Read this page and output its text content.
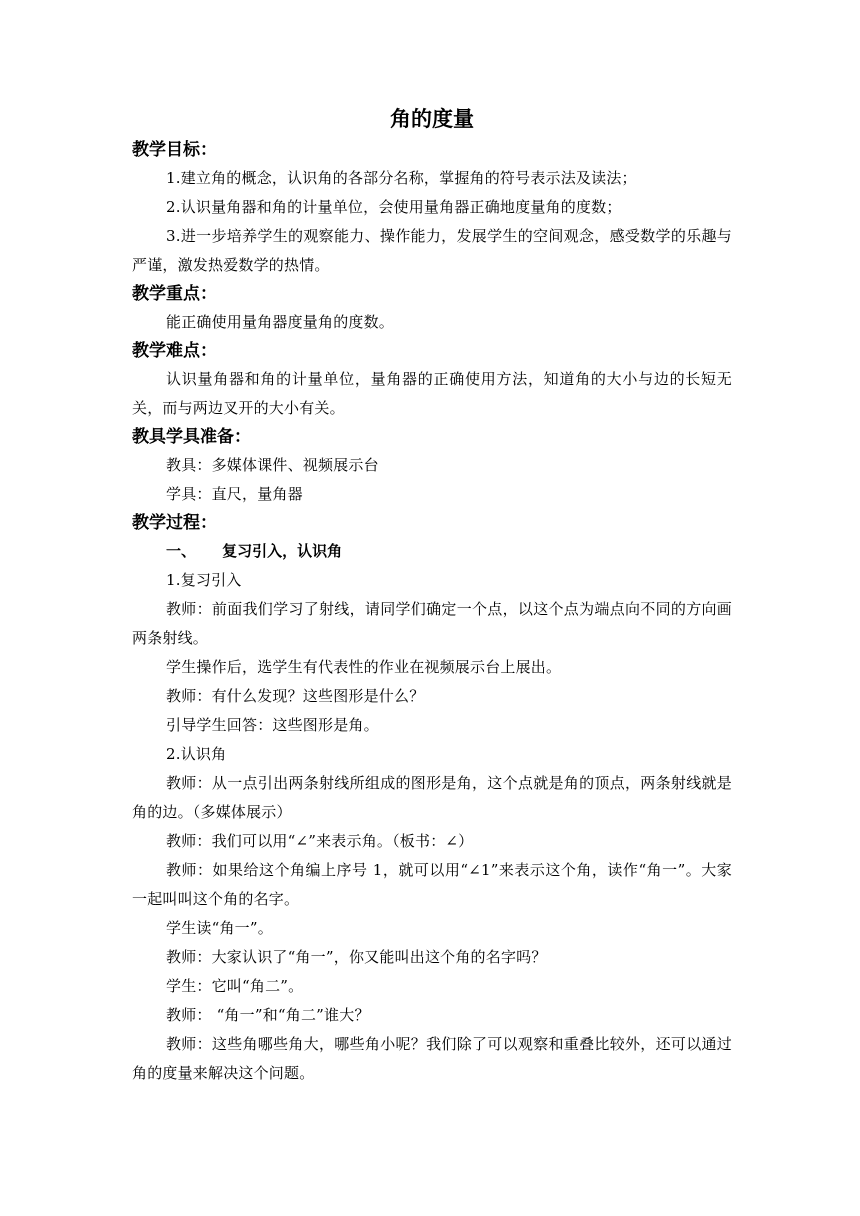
角的度量
教学目标：
1.建立角的概念，认识角的各部分名称，掌握角的符号表示法及读法；
2.认识量角器和角的计量单位，会使用量角器正确地度量角的度数；
3.进一步培养学生的观察能力、操作能力，发展学生的空间观念，感受数学的乐趣与严谨，激发热爱数学的热情。
教学重点：
能正确使用量角器度量角的度数。
教学难点：
认识量角器和角的计量单位，量角器的正确使用方法，知道角的大小与边的长短无关，而与两边叉开的大小有关。
教具学具准备：
教具：多媒体课件、视频展示台
学具：直尺，量角器
教学过程：
一、 复习引入，认识角
1.复习引入
教师：前面我们学习了射线，请同学们确定一个点，以这个点为端点向不同的方向画两条射线。
学生操作后，选学生有代表性的作业在视频展示台上展出。
教师：有什么发现？这些图形是什么？
引导学生回答：这些图形是角。
2.认识角
教师：从一点引出两条射线所组成的图形是角，这个点就是角的顶点，两条射线就是角的边。（多媒体展示）
教师：我们可以用“∠”来表示角。（板书：∠）
教师：如果给这个角编上序号 1，就可以用“∠1”来表示这个角，读作“角一”。大家一起叫叫这个角的名字。
学生读“角一”。
教师：大家认识了“角一”，你又能叫出这个角的名字吗？
学生：它叫“角二”。
教师： “角一”和“角二”谁大？
教师：这些角哪些角大，哪些角小呢？我们除了可以观察和重叠比较外，还可以通过角的度量来解决这个问题。
